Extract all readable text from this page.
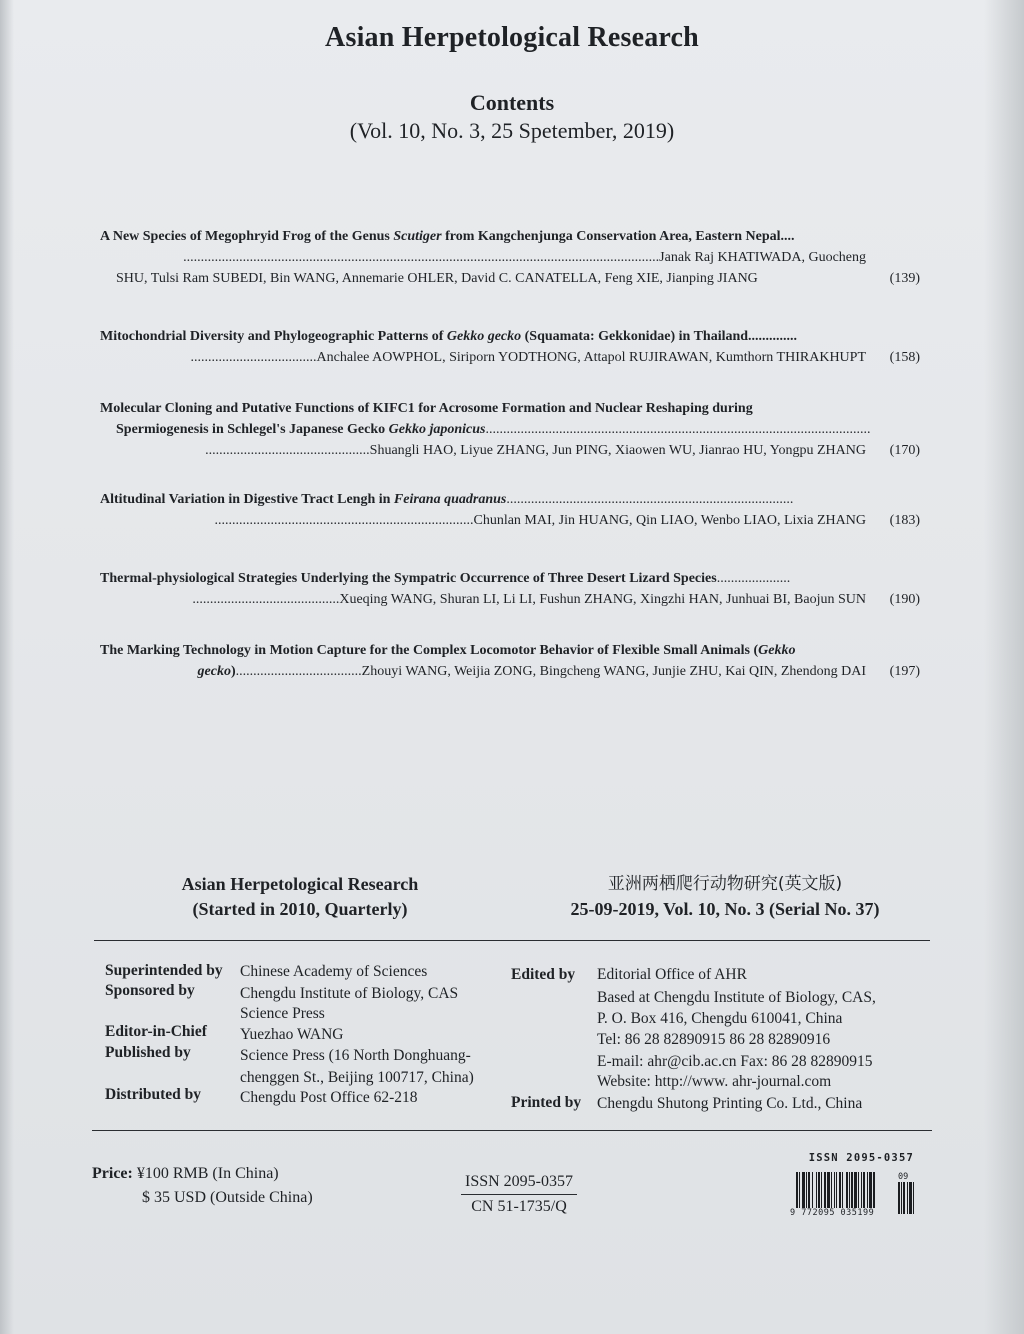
Asian Herpetological Research
Contents
(Vol. 10, No. 3, 25 Spetember, 2019)
A New Species of Megophryid Frog of the Genus Scutiger from Kangchenjunga Conservation Area, Eastern Nepal....
........................................................................................................................................Janak Raj KHATIWADA, Guocheng
SHU, Tulsi Ram SUBEDI, Bin WANG, Annemarie OHLER, David C. CANATELLA, Feng XIE, Jianping JIANG	(139)
Mitochondrial Diversity and Phylogeographic Patterns of Gekko gecko (Squamata: Gekkonidae) in Thailand..............
....................................Anchalee AOWPHOL, Siriporn YODTHONG, Attapol RUJIRAWAN, Kumthorn THIRAKHUPT	(158)
Molecular Cloning and Putative Functions of KIFC1 for Acrosome Formation and Nuclear Reshaping during
Spermiogenesis in Schlegel's Japanese Gecko Gekko japonicus..............................................................................................................
...............................................Shuangli HAO, Liyue ZHANG, Jun PING, Xiaowen WU, Jianrao HU, Yongpu ZHANG	(170)
Altitudinal Variation in Digestive Tract Lengh in Feirana quadranus..................................................................................
..........................................................................Chunlan MAI, Jin HUANG, Qin LIAO, Wenbo LIAO, Lixia ZHANG	(183)
Thermal-physiological Strategies Underlying the Sympatric Occurrence of Three Desert Lizard Species.....................
..........................................Xueqing WANG, Shuran LI, Li LI, Fushun ZHANG, Xingzhi HAN, Junhuai BI, Baojun SUN	(190)
The Marking Technology in Motion Capture for the Complex Locomotor Behavior of Flexible Small Animals (Gekko
gecko)....................................Zhouyi WANG, Weijia ZONG, Bingcheng WANG, Junjie ZHU, Kai QIN, Zhendong DAI	(197)
Asian Herpetological Research
(Started in 2010, Quarterly)
亚洲两栖爬行动物研究(英文版)
25-09-2019, Vol. 10, No. 3 (Serial No. 37)
Superintended by Chinese Academy of Sciences
Sponsored by	Chengdu Institute of Biology, CAS
Science Press
Editor-in-Chief Yuezhao WANG
Published by	Science Press (16 North Donghuang-
chenggen St., Beijing 100717, China)
Distributed by	Chengdu Post Office 62-218
Edited by Editorial Office of AHR
Based at Chengdu Institute of Biology, CAS,
P. O. Box 416, Chengdu 610041, China
Tel: 86 28 82890915 86 28 82890916
E-mail: ahr@cib.ac.cn Fax: 86 28 82890915
Website: http://www. ahr-journal.com
Printed by Chengdu Shutong Printing Co. Ltd., China
Price: ¥100 RMB (In China)
$ 35 USD (Outside China)
ISSN 2095-0357
CN 51-1735/Q
ISSN 2095-0357
9 772095 035199
09
